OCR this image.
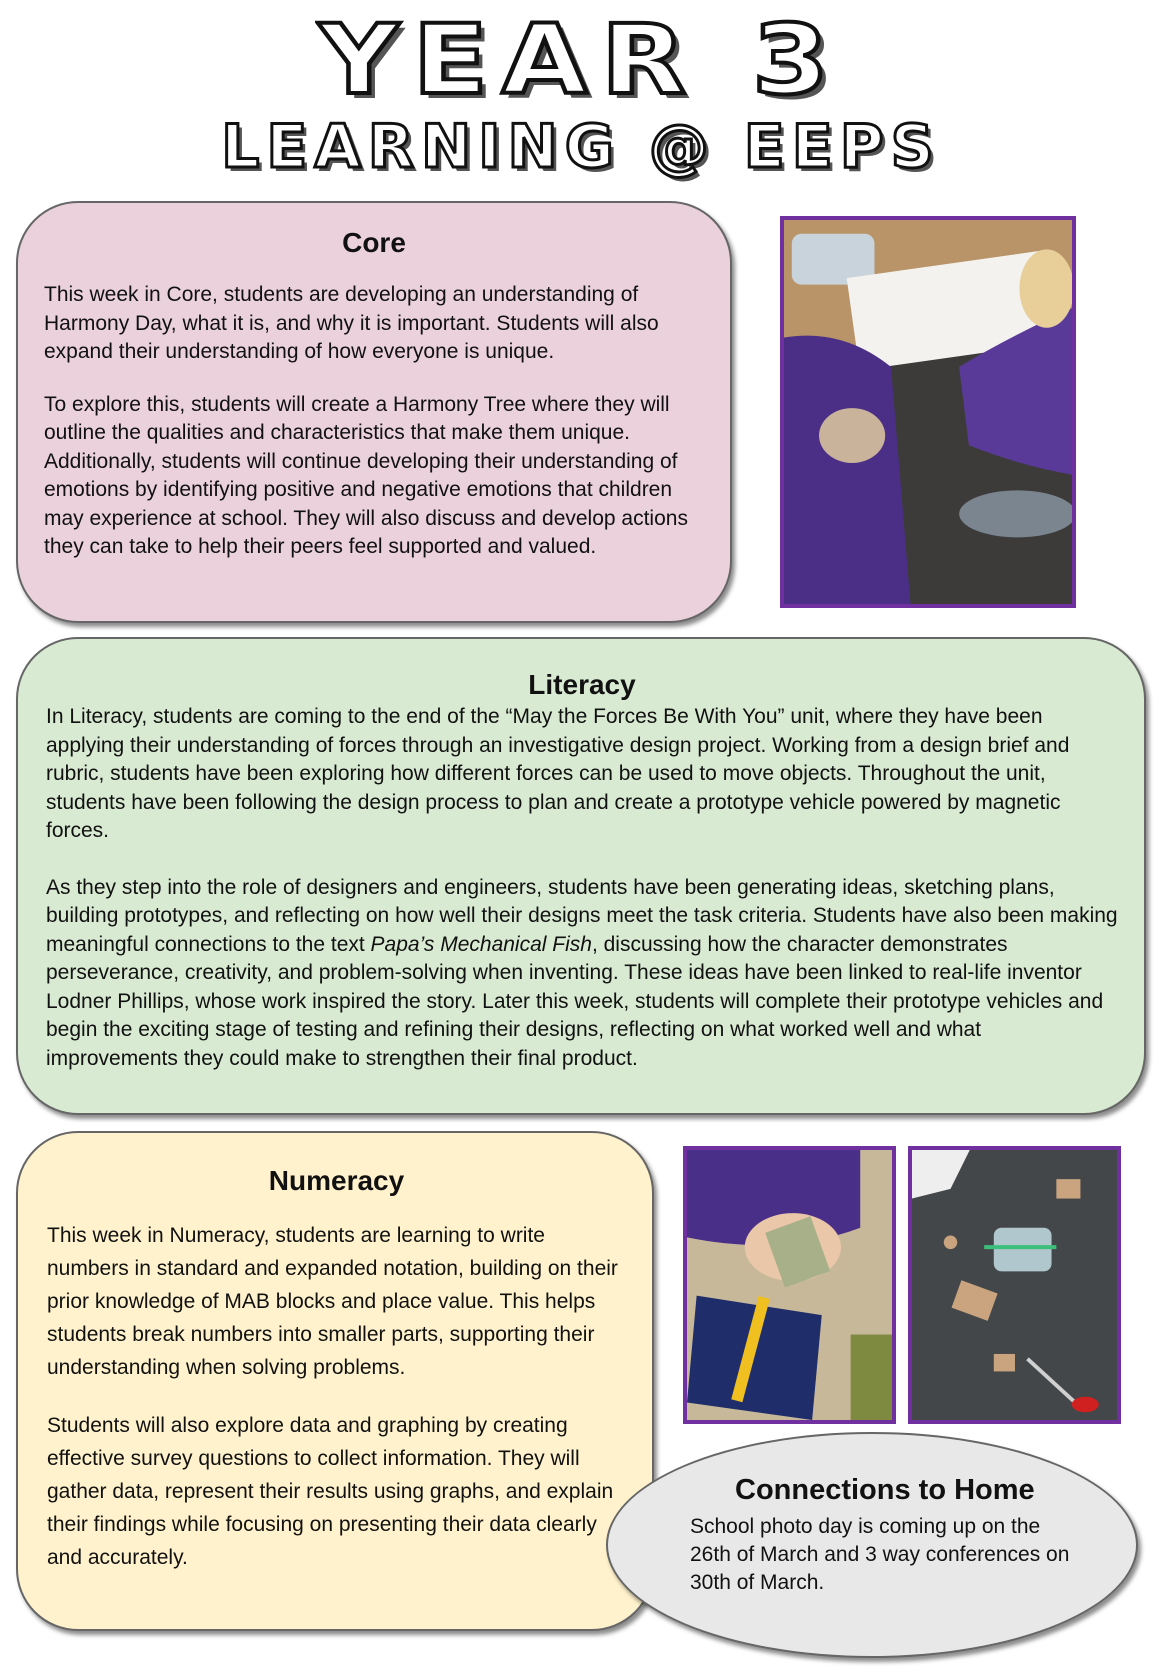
YEAR 3
LEARNING @ EEPS
Core

This week in Core, students are developing an understanding of Harmony Day, what it is, and why it is important. Students will also expand their understanding of how everyone is unique.

To explore this, students will create a Harmony Tree where they will outline the qualities and characteristics that make them unique. Additionally, students will continue developing their understanding of emotions by identifying positive and negative emotions that children may experience at school. They will also discuss and develop actions they can take to help their peers feel supported and valued.

Literacy

In Literacy, students are coming to the end of the “May the Forces Be With You” unit, where they have been applying their understanding of forces through an investigative design project. Working from a design brief and rubric, students have been exploring how different forces can be used to move objects. Throughout the unit, students have been following the design process to plan and create a prototype vehicle powered by magnetic forces.

As they step into the role of designers and engineers, students have been generating ideas, sketching plans, building prototypes, and reflecting on how well their designs meet the task criteria. Students have also been making meaningful connections to the text Papa’s Mechanical Fish, discussing how the character demonstrates perseverance, creativity, and problem-solving when inventing. These ideas have been linked to real-life inventor Lodner Phillips, whose work inspired the story. Later this week, students will complete their prototype vehicles and begin the exciting stage of testing and refining their designs, reflecting on what worked well and what improvements they could make to strengthen their final product.

Numeracy

This week in Numeracy, students are learning to write numbers in standard and expanded notation, building on their prior knowledge of MAB blocks and place value. This helps students break numbers into smaller parts, supporting their understanding when solving problems.

Students will also explore data and graphing by creating effective survey questions to collect information. They will gather data, represent their results using graphs, and explain their findings while focusing on presenting their data clearly and accurately.

Connections to Home

School photo day is coming up on the 26th of March and 3 way conferences on 30th of March.
